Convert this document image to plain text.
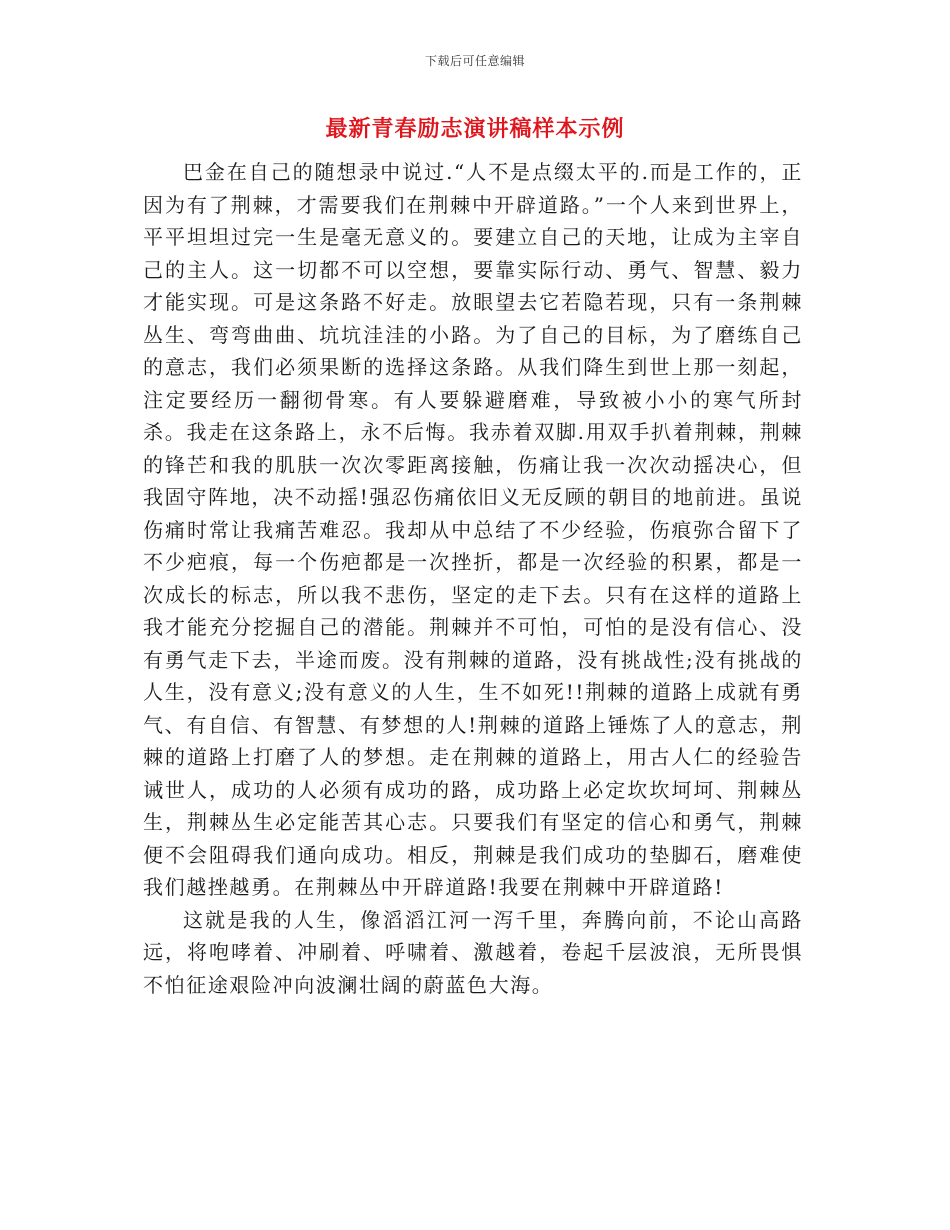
下载后可任意编辑
最新青春励志演讲稿样本示例

巴金在自己的随想录中说过.“人不是点缀太平的.而是工作的，正因为有了荆棘，才需要我们在荆棘中开辟道路。”一个人来到世界上，平平坦坦过完一生是毫无意义的。要建立自己的天地，让成为主宰自己的主人。这一切都不可以空想，要靠实际行动、勇气、智慧、毅力才能实现。可是这条路不好走。放眼望去它若隐若现，只有一条荆棘丛生、弯弯曲曲、坑坑洼洼的小路。为了自己的目标，为了磨练自己的意志，我们必须果断的选择这条路。从我们降生到世上那一刻起，注定要经历一翻彻骨寒。有人要躲避磨难，导致被小小的寒气所封杀。我走在这条路上，永不后悔。我赤着双脚.用双手扒着荆棘，荆棘的锋芒和我的肌肤一次次零距离接触，伤痛让我一次次动摇决心，但我固守阵地，决不动摇!强忍伤痛依旧义无反顾的朝目的地前进。虽说伤痛时常让我痛苦难忍。我却从中总结了不少经验，伤痕弥合留下了不少疤痕，每一个伤疤都是一次挫折，都是一次经验的积累，都是一次成长的标志，所以我不悲伤，坚定的走下去。只有在这样的道路上我才能充分挖掘自己的潜能。荆棘并不可怕，可怕的是没有信心、没有勇气走下去，半途而废。没有荆棘的道路，没有挑战性;没有挑战的人生，没有意义;没有意义的人生，生不如死!!荆棘的道路上成就有勇气、有自信、有智慧、有梦想的人!荆棘的道路上锤炼了人的意志，荆棘的道路上打磨了人的梦想。走在荆棘的道路上，用古人仁的经验告诫世人，成功的人必须有成功的路，成功路上必定坎坎坷坷、荆棘丛生，荆棘丛生必定能苦其心志。只要我们有坚定的信心和勇气，荆棘便不会阻碍我们通向成功。相反，荆棘是我们成功的垫脚石，磨难使我们越挫越勇。在荆棘丛中开辟道路!我要在荆棘中开辟道路!

这就是我的人生，像滔滔江河一泻千里，奔腾向前，不论山高路远，将咆哮着、冲刷着、呼啸着、激越着，卷起千层波浪，无所畏惧不怕征途艰险冲向波澜壮阔的蔚蓝色大海。
